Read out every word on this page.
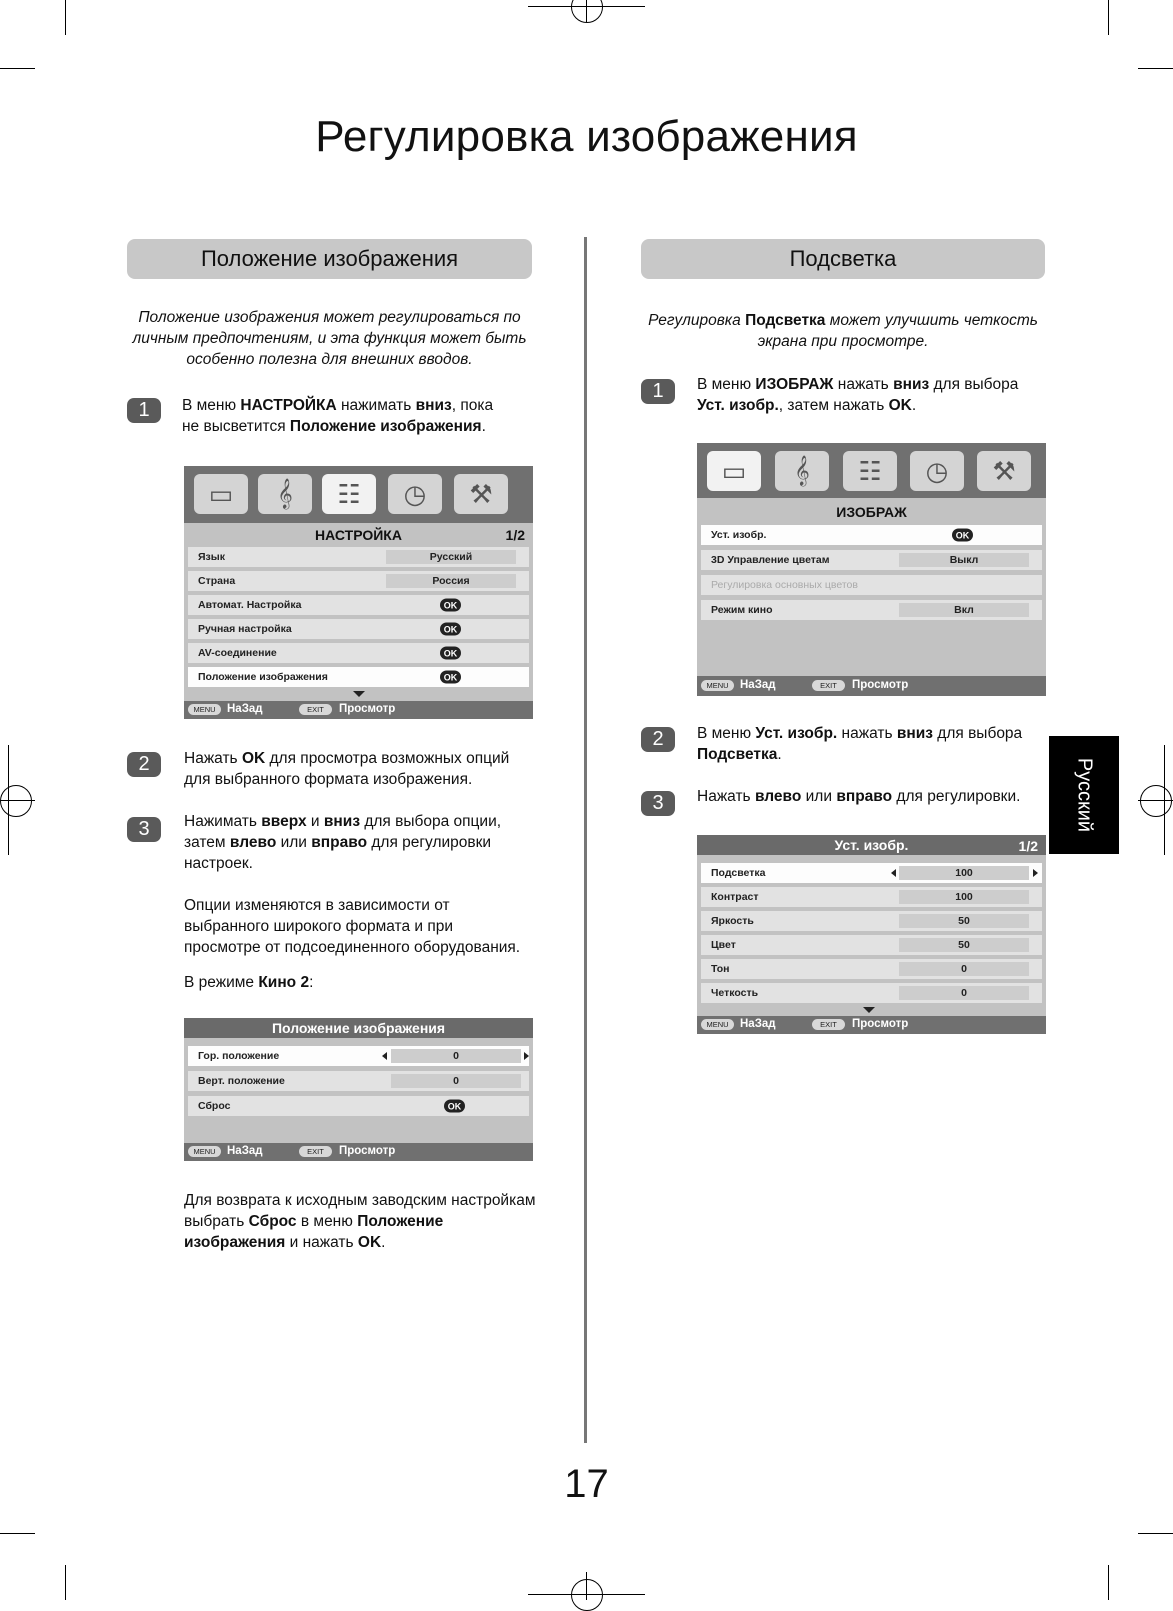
Регулировка изображения
Положение изображения
Положение изображения может регулироваться по
личным предпочтениям, и эта функция может быть
особенно полезна для внешних вводов.
1	В меню НАСТРОЙКА нажимать вниз, пока
не высветится Положение изображения.
▭	𝄞	☷	◷	⚒
НАСТРОЙКА	1/2
Язык	Русский
Страна	Россия
Автомат. Настройка	OK
Ручная настройка	OK
AV-соединение	OK
Положение изображения	OK
MENU НаЗад	EXIT	Просмотр
2	Нажать OK для просмотра возможных опций
для выбранного формата изображения.
3	Нажимать вверх и вниз для выбора опции,
затем влево или вправо для регулировки
настроек.
Опции изменяются в зависимости от
выбранного широкого формата и при
просмотре от подсоединенного оборудования.
В режиме Кино 2:
Положение изображения
Гор. положение	0
Верт. положение	0
Сброс	OK
MENU НаЗад	EXIT	Просмотр
Для возврата к исходным заводским настройкам
выбрать Сброс в меню Положение
изображения и нажать OK.
Подсветка
Регулировка Подсветка может улучшить четкость
экрана при просмотре.
1	В меню ИЗОБРАЖ нажать вниз для выбора
Уст. изобр., затем нажать OK.
▭	𝄞	☷	◷	⚒
ИЗОБРАЖ
Уст. изобр.	OK
3D Управление цветам	Выкл
Регулировка основных цветов
Режим кино	Вкл
MENU НаЗад	EXIT	Просмотр
2	В меню Уст. изобр. нажать вниз для выбора
Подсветка.
3	Нажать влево или вправо для регулировки.
Уст. изобр.	1/2
Подсветка	100
Контраст	100
Яркость	50
Цвет	50
Тон	0
Четкость	0
MENU НаЗад	EXIT	Просмотр
Русский
17
